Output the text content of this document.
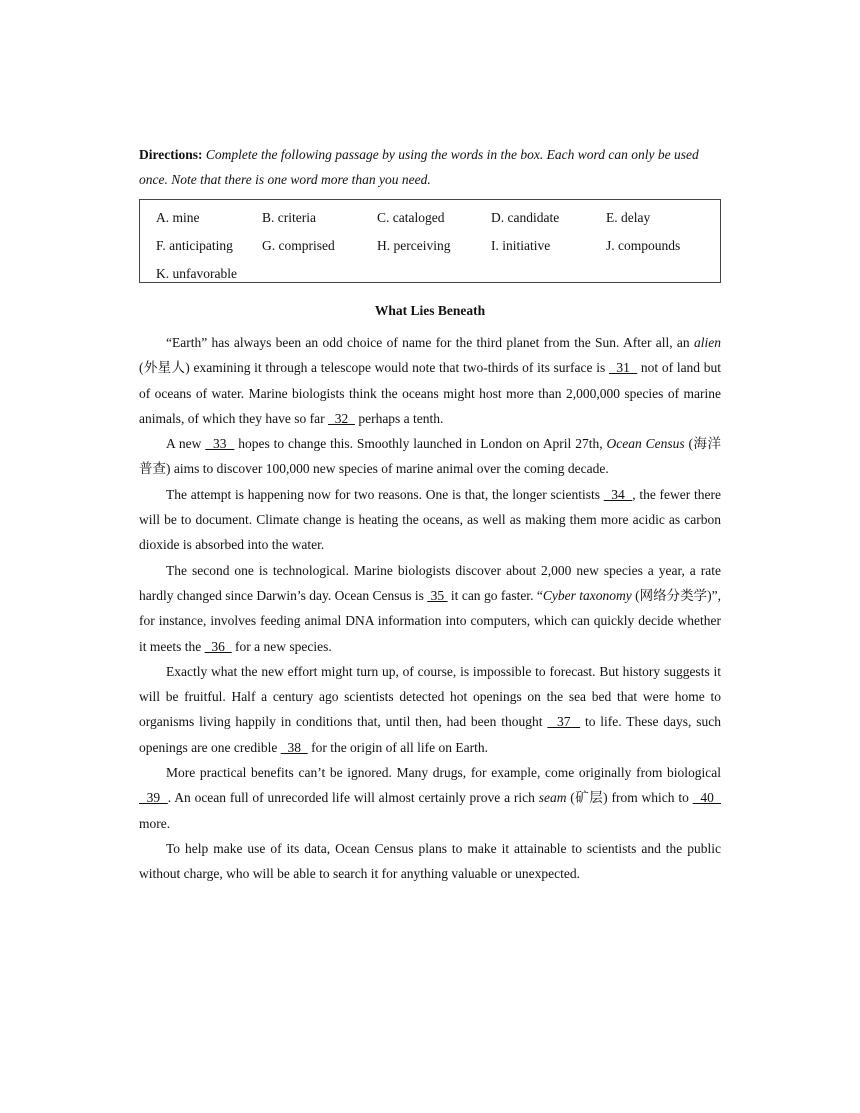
Directions: Complete the following passage by using the words in the box. Each word can only be used once. Note that there is one word more than you need.

A. mine	B. criteria	C. cataloged	D. candidate	E. delay
F. anticipating G. comprised	H. perceiving	I. initiative	J. compounds
K. unfavorable
What Lies Beneath

“Earth” has always been an odd choice of name for the third planet from the Sun. After all, an alien (外星人) examining it through a telescope would note that two-thirds of its surface is   31   not of land but of oceans of water. Marine biologists think the oceans might host more than 2,000,000 species of marine animals, of which they have so far   32   perhaps a tenth.

A new   33   hopes to change this. Smoothly launched in London on April 27th, Ocean Census (海洋普查) aims to discover 100,000 new species of marine animal over the coming decade.

The attempt is happening now for two reasons. One is that, the longer scientists   34  , the fewer there will be to document. Climate change is heating the oceans, as well as making them more acidic as carbon dioxide is absorbed into the water.

The second one is technological. Marine biologists discover about 2,000 new species a year, a rate hardly changed since Darwin’s day. Ocean Census is  35  it can go faster. “Cyber taxonomy (网络分类学)”, for instance, involves feeding animal DNA information into computers, which can quickly decide whether it meets the   36   for a new species.

Exactly what the new effort might turn up, of course, is impossible to forecast. But history suggests it will be fruitful. Half a century ago scientists detected hot openings on the sea bed that were home to organisms living happily in conditions that, until then, had been thought   37   to life. These days, such openings are one credible   38   for the origin of all life on Earth.

More practical benefits can’t be ignored. Many drugs, for example, come originally from biological   39  . An ocean full of unrecorded life will almost certainly prove a rich seam (矿层) from which to   40   more.

To help make use of its data, Ocean Census plans to make it attainable to scientists and the public without charge, who will be able to search it for anything valuable or unexpected.
